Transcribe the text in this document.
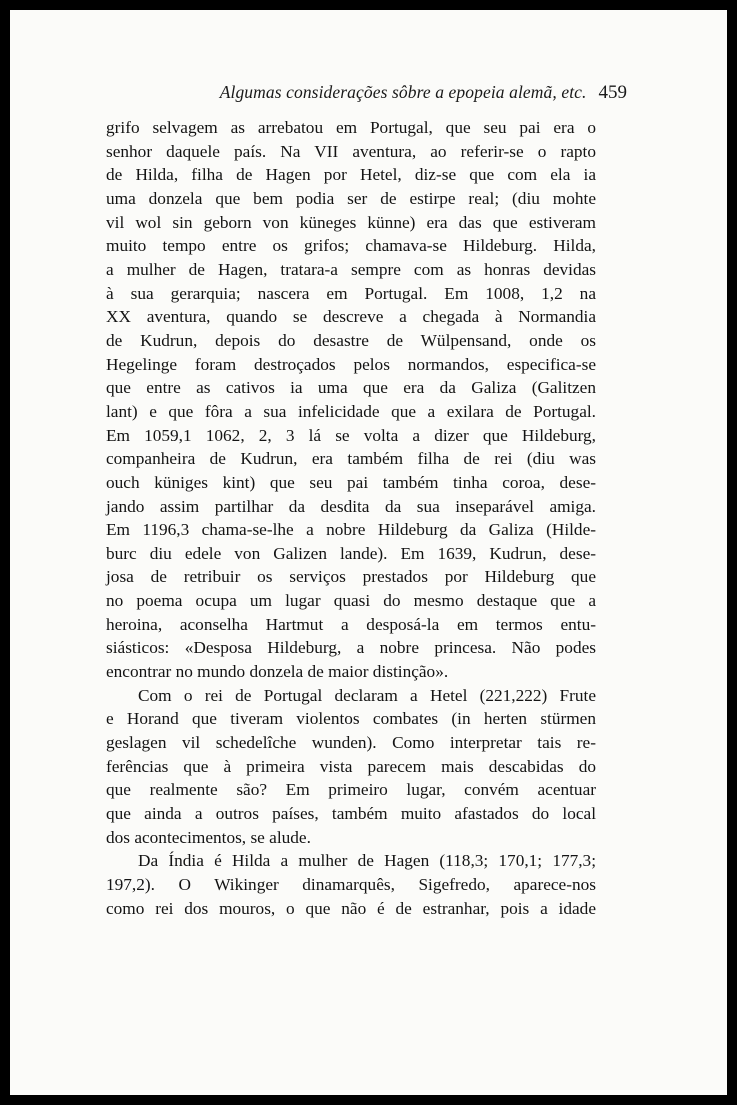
Algumas considerações sôbre a epopeia alemã, etc. 459
grifo selvagem as arrebatou em Portugal, que seu pai era o
senhor daquele país. Na VII aventura, ao referir-se o rapto
de Hilda, filha de Hagen por Hetel, diz-se que com ela ia
uma donzela que bem podia ser de estirpe real; (diu mohte
vil wol sin geborn von küneges künne) era das que estiveram
muito tempo entre os grifos; chamava-se Hildeburg. Hilda,
a mulher de Hagen, tratara-a sempre com as honras devidas
à sua gerarquia; nascera em Portugal. Em 1008, 1,2 na
XX aventura, quando se descreve a chegada à Normandia
de Kudrun, depois do desastre de Wülpensand, onde os
Hegelinge foram destroçados pelos normandos, especifica-se
que entre as cativos ia uma que era da Galiza (Galitzen
lant) e que fôra a sua infelicidade que a exilara de Portugal.
Em 1059,1 1062, 2, 3 lá se volta a dizer que Hildeburg,
companheira de Kudrun, era também filha de rei (diu was
ouch küniges kint) que seu pai também tinha coroa, dese-
jando assim partilhar da desdita da sua inseparável amiga.
Em 1196,3 chama-se-lhe a nobre Hildeburg da Galiza (Hilde-
burc diu edele von Galizen lande). Em 1639, Kudrun, dese-
josa de retribuir os serviços prestados por Hildeburg que
no poema ocupa um lugar quasi do mesmo destaque que a
heroina, aconselha Hartmut a desposá-la em termos entu-
siásticos: «Desposa Hildeburg, a nobre princesa. Não podes
encontrar no mundo donzela de maior distinção».
Com o rei de Portugal declaram a Hetel (221,222) Frute
e Horand que tiveram violentos combates (in herten stürmen
geslagen vil schedelîche wunden). Como interpretar tais re-
ferências que à primeira vista parecem mais descabidas do
que realmente são? Em primeiro lugar, convém acentuar
que ainda a outros países, também muito afastados do local
dos acontecimentos, se alude.
Da Índia é Hilda a mulher de Hagen (118,3; 170,1; 177,3;
197,2). O Wikinger dinamarquês, Sigefredo, aparece-nos
como rei dos mouros, o que não é de estranhar, pois a idade
